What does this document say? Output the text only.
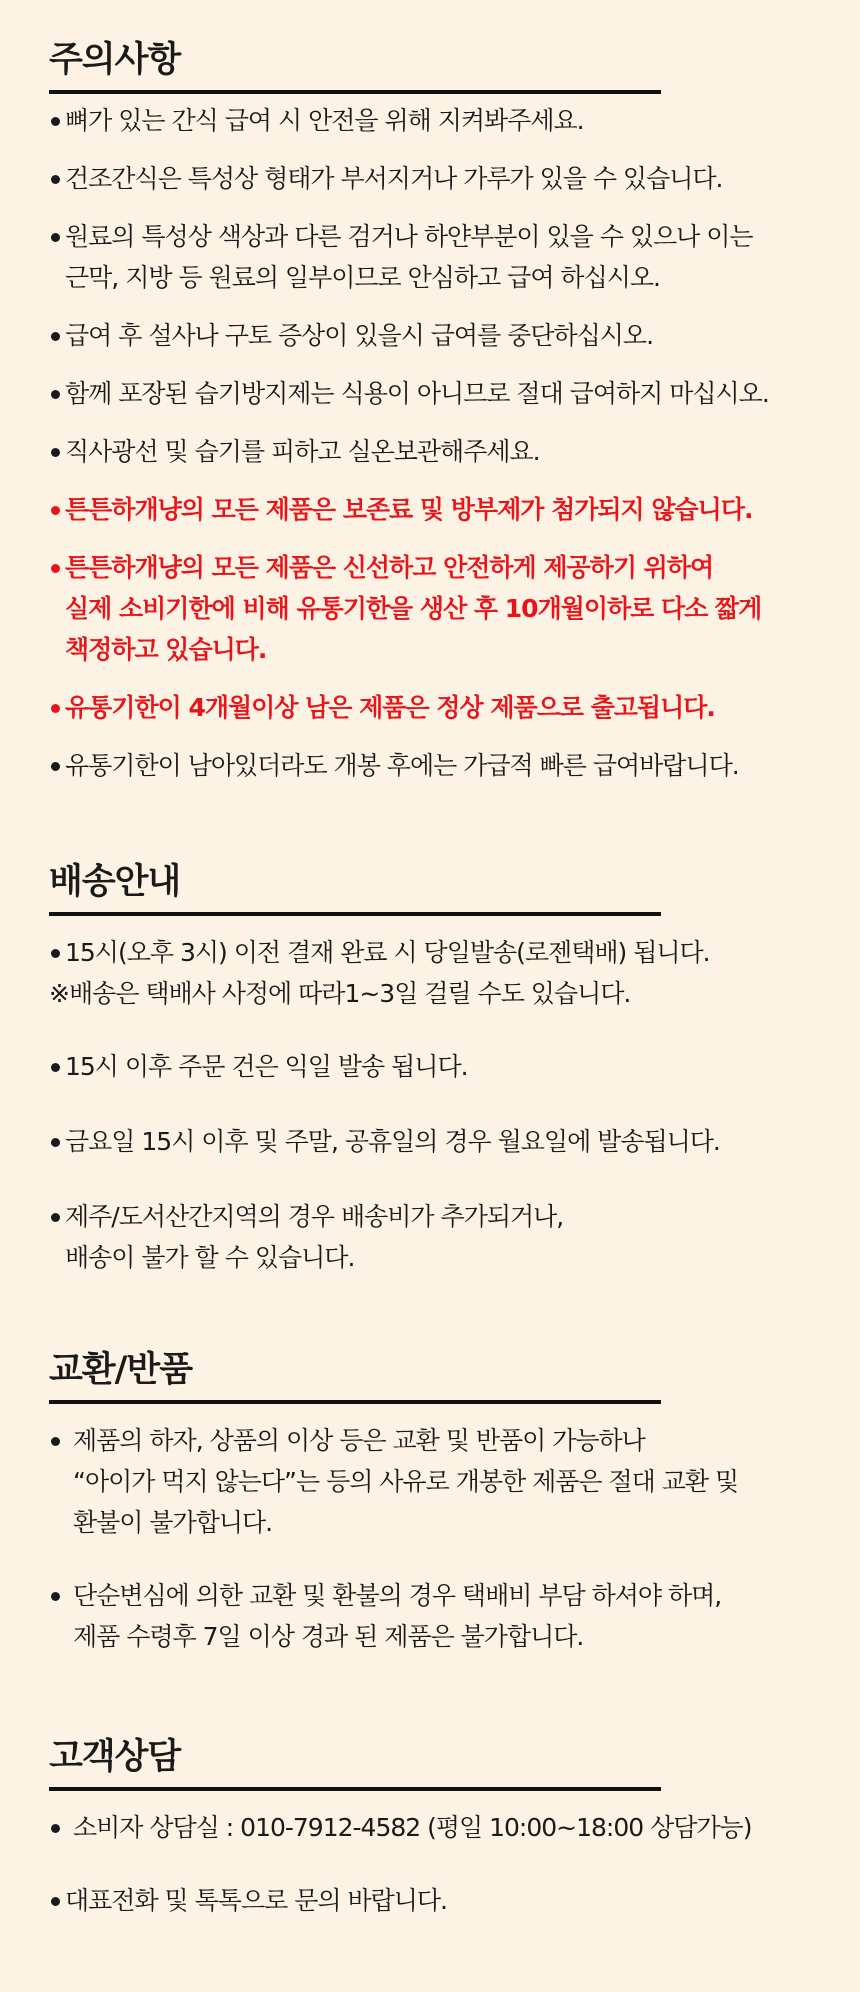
주의사항
뼈가 있는 간식 급여 시 안전을 위해 지켜봐주세요.
건조간식은 특성상 형태가 부서지거나 가루가 있을 수 있습니다.
원료의 특성상 색상과 다른 검거나 하얀부분이 있을 수 있으나 이는
근막, 지방 등 원료의 일부이므로 안심하고 급여 하십시오.
급여 후 설사나 구토 증상이 있을시 급여를 중단하십시오.
함께 포장된 습기방지제는 식용이 아니므로 절대 급여하지 마십시오.
직사광선 및 습기를 피하고 실온보관해주세요.
튼튼하개냥의 모든 제품은 보존료 및 방부제가 첨가되지 않습니다.
튼튼하개냥의 모든 제품은 신선하고 안전하게 제공하기 위하여
실제 소비기한에 비해 유통기한을 생산 후 10개월이하로 다소 짧게
책정하고 있습니다.
유통기한이 4개월이상 남은 제품은 정상 제품으로 출고됩니다.
유통기한이 남아있더라도 개봉 후에는 가급적 빠른 급여바랍니다.
배송안내
15시(오후 3시) 이전 결재 완료 시 당일발송(로젠택배) 됩니다.
※배송은 택배사 사정에 따라1~3일 걸릴 수도 있습니다.
15시 이후 주문 건은 익일 발송 됩니다.
금요일 15시 이후 및 주말, 공휴일의 경우 월요일에 발송됩니다.
제주/도서산간지역의 경우 배송비가 추가되거나,
배송이 불가 할 수 있습니다.
교환/반품
제품의 하자, 상품의 이상 등은 교환 및 반품이 가능하나
“아이가 먹지 않는다”는 등의 사유로 개봉한 제품은 절대 교환 및
환불이 불가합니다.
단순변심에 의한 교환 및 환불의 경우 택배비 부담 하셔야 하며,
제품 수령후 7일 이상 경과 된 제품은 불가합니다.
고객상담
소비자 상담실 : 010-7912-4582 (평일 10:00~18:00 상담가능)
대표전화 및 톡톡으로 문의 바랍니다.
